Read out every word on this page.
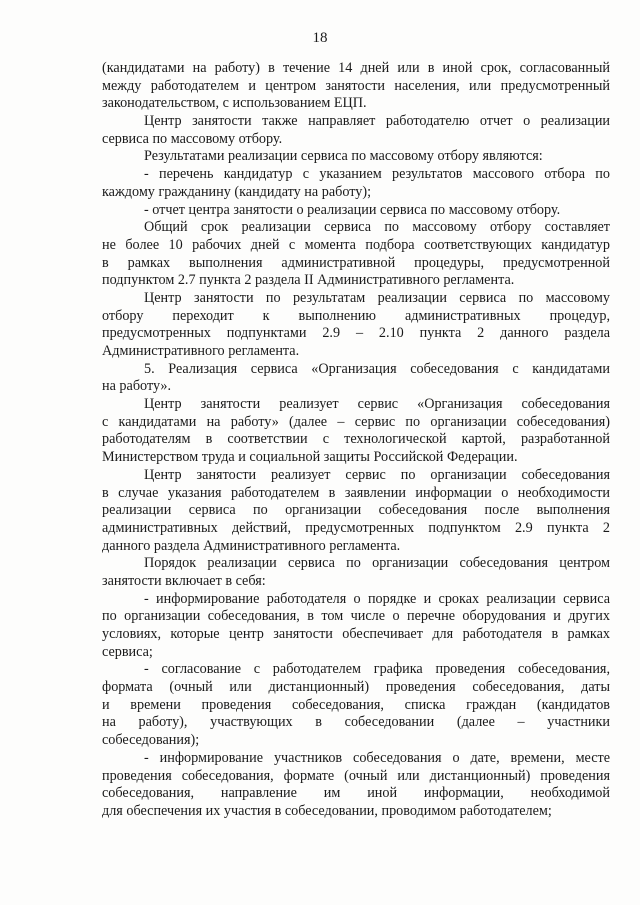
18
(кандидатами на работу) в течение 14 дней или в иной срок, согласованный
между работодателем и центром занятости населения, или предусмотренный
законодательством, с использованием ЕЦП.
Центр занятости также направляет работодателю отчет о реализации
сервиса по массовому отбору.
Результатами реализации сервиса по массовому отбору являются:
- перечень кандидатур с указанием результатов массового отбора по
каждому гражданину (кандидату на работу);
- отчет центра занятости о реализации сервиса по массовому отбору.
Общий срок реализации сервиса по массовому отбору составляет
не более 10 рабочих дней с момента подбора соответствующих кандидатур
в рамках выполнения административной процедуры, предусмотренной
подпунктом 2.7 пункта 2 раздела II Административного регламента.
Центр занятости по результатам реализации сервиса по массовому
отбору переходит к выполнению административных процедур,
предусмотренных подпунктами 2.9 – 2.10 пункта 2 данного раздела
Административного регламента.
5. Реализация сервиса «Организация собеседования с кандидатами
на работу».
Центр занятости реализует сервис «Организация собеседования
с кандидатами на работу» (далее – сервис по организации собеседования)
работодателям в соответствии с технологической картой, разработанной
Министерством труда и социальной защиты Российской Федерации.
Центр занятости реализует сервис по организации собеседования
в случае указания работодателем в заявлении информации о необходимости
реализации сервиса по организации собеседования после выполнения
административных действий, предусмотренных подпунктом 2.9 пункта 2
данного раздела Административного регламента.
Порядок реализации сервиса по организации собеседования центром
занятости включает в себя:
- информирование работодателя о порядке и сроках реализации сервиса
по организации собеседования, в том числе о перечне оборудования и других
условиях, которые центр занятости обеспечивает для работодателя в рамках
сервиса;
- согласование с работодателем графика проведения собеседования,
формата (очный или дистанционный) проведения собеседования, даты
и времени проведения собеседования, списка граждан (кандидатов
на работу), участвующих в собеседовании (далее – участники
собеседования);
- информирование участников собеседования о дате, времени, месте
проведения собеседования, формате (очный или дистанционный) проведения
собеседования, направление им иной информации, необходимой
для обеспечения их участия в собеседовании, проводимом работодателем;
